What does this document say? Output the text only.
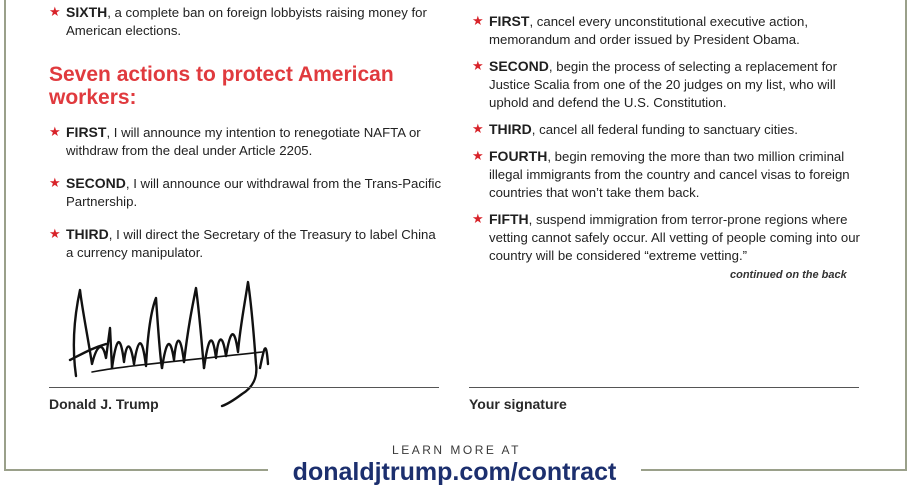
★ SIXTH, a complete ban on foreign lobbyists raising money for American elections.
Seven actions to protect American workers:
★ FIRST, I will announce my intention to renegotiate NAFTA or withdraw from the deal under Article 2205.
★ SECOND, I will announce our withdrawal from the Trans-Pacific Partnership.
★ THIRD, I will direct the Secretary of the Treasury to label China a currency manipulator.
★ FIRST, cancel every unconstitutional executive action, memorandum and order issued by President Obama.
★ SECOND, begin the process of selecting a replacement for Justice Scalia from one of the 20 judges on my list, who will uphold and defend the U.S. Constitution.
★ THIRD, cancel all federal funding to sanctuary cities.
★ FOURTH, begin removing the more than two million criminal illegal immigrants from the country and cancel visas to foreign countries that won’t take them back.
★ FIFTH, suspend immigration from terror-prone regions where vetting cannot safely occur. All vetting of people coming into our country will be considered “extreme vetting.”
continued on the back
Donald J. Trump	Your signature
LEARN MORE AT
donaldjtrump.com/contract
